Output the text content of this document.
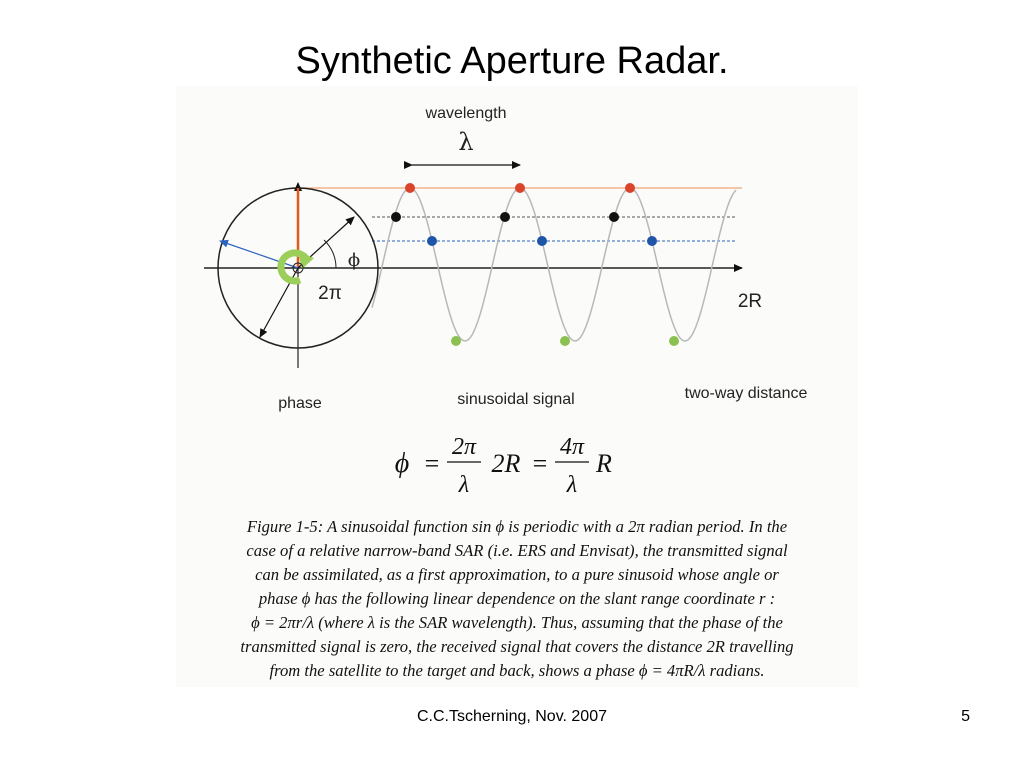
Synthetic Aperture Radar.
wavelength
λ
ϕ
2π	2R
phase	sinusoidal signal	two-way distance
ϕ =
2π
λ
2R =
4π
λ
R
Figure 1-5: A sinusoidal function sin ϕ is periodic with a 2π radian period. In the
case of a relative narrow-band SAR (i.e. ERS and Envisat), the transmitted signal
can be assimilated, as a first approximation, to a pure sinusoid whose angle or
phase ϕ has the following linear dependence on the slant range coordinate r :
ϕ = 2πr/λ (where λ is the SAR wavelength). Thus, assuming that the phase of the
transmitted signal is zero, the received signal that covers the distance 2R travelling
from the satellite to the target and back, shows a phase ϕ = 4πR/λ radians.
C.C.Tscherning, Nov. 2007	5
